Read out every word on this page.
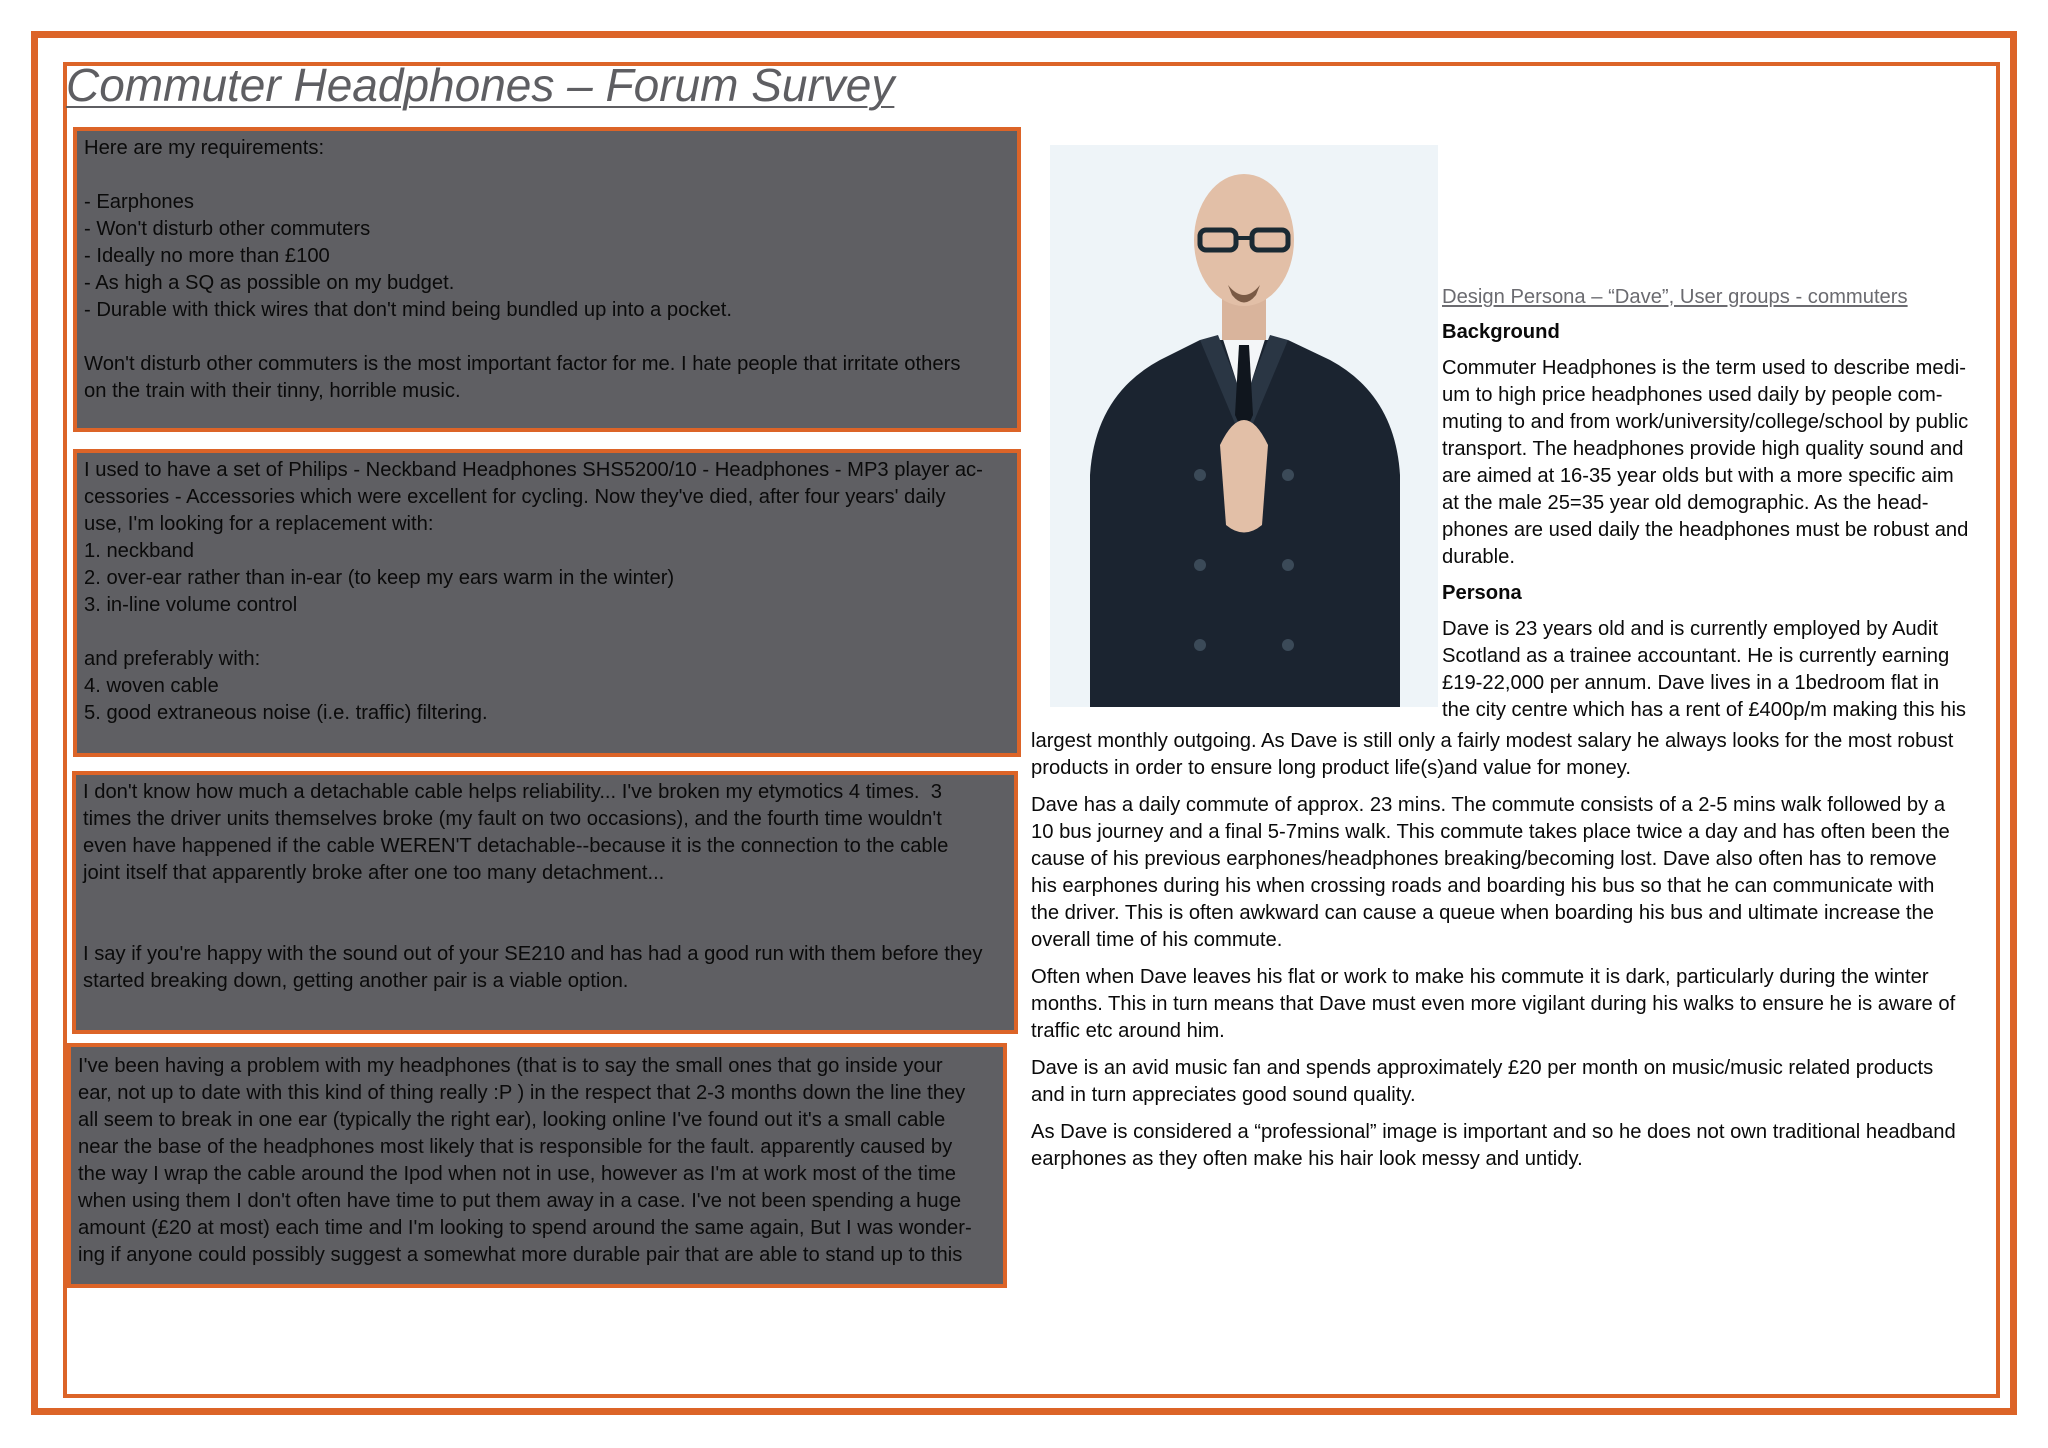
Commuter Headphones – Forum Survey
Here are my requirements:

- Earphones
- Won't disturb other commuters
- Ideally no more than £100
- As high a SQ as possible on my budget.
- Durable with thick wires that don't mind being bundled up into a pocket.

Won't disturb other commuters is the most important factor for me. I hate people that irritate others
on the train with their tinny, horrible music.
I used to have a set of Philips - Neckband Headphones SHS5200/10 - Headphones - MP3 player ac-
cessories - Accessories which were excellent for cycling. Now they've died, after four years' daily
use, I'm looking for a replacement with:
1. neckband
2. over-ear rather than in-ear (to keep my ears warm in the winter)
3. in-line volume control

and preferably with:
4. woven cable
5. good extraneous noise (i.e. traffic) filtering.
I don't know how much a detachable cable helps reliability... I've broken my etymotics 4 times.  3
times the driver units themselves broke (my fault on two occasions), and the fourth time wouldn't
even have happened if the cable WEREN'T detachable--because it is the connection to the cable
joint itself that apparently broke after one too many detachment...

I say if you're happy with the sound out of your SE210 and has had a good run with them before they
started breaking down, getting another pair is a viable option.
I've been having a problem with my headphones (that is to say the small ones that go inside your
ear, not up to date with this kind of thing really :P ) in the respect that 2-3 months down the line they
all seem to break in one ear (typically the right ear), looking online I've found out it's a small cable
near the base of the headphones most likely that is responsible for the fault. apparently caused by
the way I wrap the cable around the Ipod when not in use, however as I'm at work most of the time
when using them I don't often have time to put them away in a case. I've not been spending a huge
amount (£20 at most) each time and I'm looking to spend around the same again, But I was wonder-
ing if anyone could possibly suggest a somewhat more durable pair that are able to stand up to this

Design Persona – “Dave”, User groups - commuters

Background

Commuter Headphones is the term used to describe medi-
um to high price headphones used daily by people com-
muting to and from work/university/college/school by public
transport. The headphones provide high quality sound and
are aimed at 16-35 year olds but with a more specific aim
at the male 25=35 year old demographic. As the head-
phones are used daily the headphones must be robust and
durable.

Persona

Dave is 23 years old and is currently employed by Audit
Scotland as a trainee accountant. He is currently earning
£19-22,000 per annum. Dave lives in a 1bedroom flat in
the city centre which has a rent of £400p/m making this his

largest monthly outgoing. As Dave is still only a fairly modest salary he always looks for the most robust
products in order to ensure long product life(s)and value for money.

Dave has a daily commute of approx. 23 mins. The commute consists of a 2-5 mins walk followed by a
10 bus journey and a final 5-7mins walk. This commute takes place twice a day and has often been the
cause of his previous earphones/headphones breaking/becoming lost. Dave also often has to remove
his earphones during his when crossing roads and boarding his bus so that he can communicate with
the driver. This is often awkward can cause a queue when boarding his bus and ultimate increase the
overall time of his commute.

Often when Dave leaves his flat or work to make his commute it is dark, particularly during the winter
months. This in turn means that Dave must even more vigilant during his walks to ensure he is aware of
traffic etc around him.

Dave is an avid music fan and spends approximately £20 per month on music/music related products
and in turn appreciates good sound quality.

As Dave is considered a “professional” image is important and so he does not own traditional headband
earphones as they often make his hair look messy and untidy.
